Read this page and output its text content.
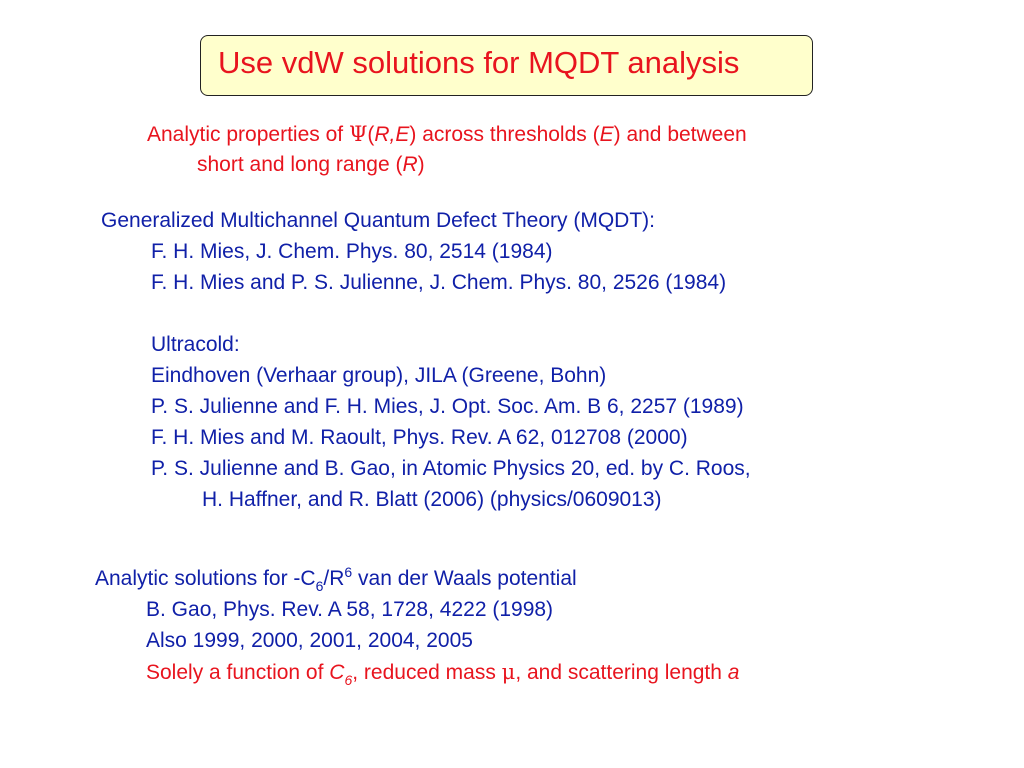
Use vdW solutions for MQDT analysis
Analytic properties of Ψ(R,E) across thresholds (E) and between
short and long range (R)
Generalized Multichannel Quantum Defect Theory (MQDT):
F. H. Mies, J. Chem. Phys. 80, 2514 (1984)
F. H. Mies and P. S. Julienne, J. Chem. Phys. 80, 2526 (1984)
Ultracold:
Eindhoven (Verhaar group), JILA (Greene, Bohn)
P. S. Julienne and F. H. Mies, J. Opt. Soc. Am. B 6, 2257 (1989)
F. H. Mies and M. Raoult, Phys. Rev. A 62, 012708 (2000)
P. S. Julienne and B. Gao, in Atomic Physics 20, ed. by C. Roos,
H. Haffner, and R. Blatt (2006) (physics/0609013)
Analytic solutions for $-C_6/R^6$ van der Waals potential
B. Gao, Phys. Rev. A 58, 1728, 4222 (1998)
Also 1999, 2000, 2001, 2004, 2005
Solely a function of $C_6$, reduced mass μ, and scattering length a
